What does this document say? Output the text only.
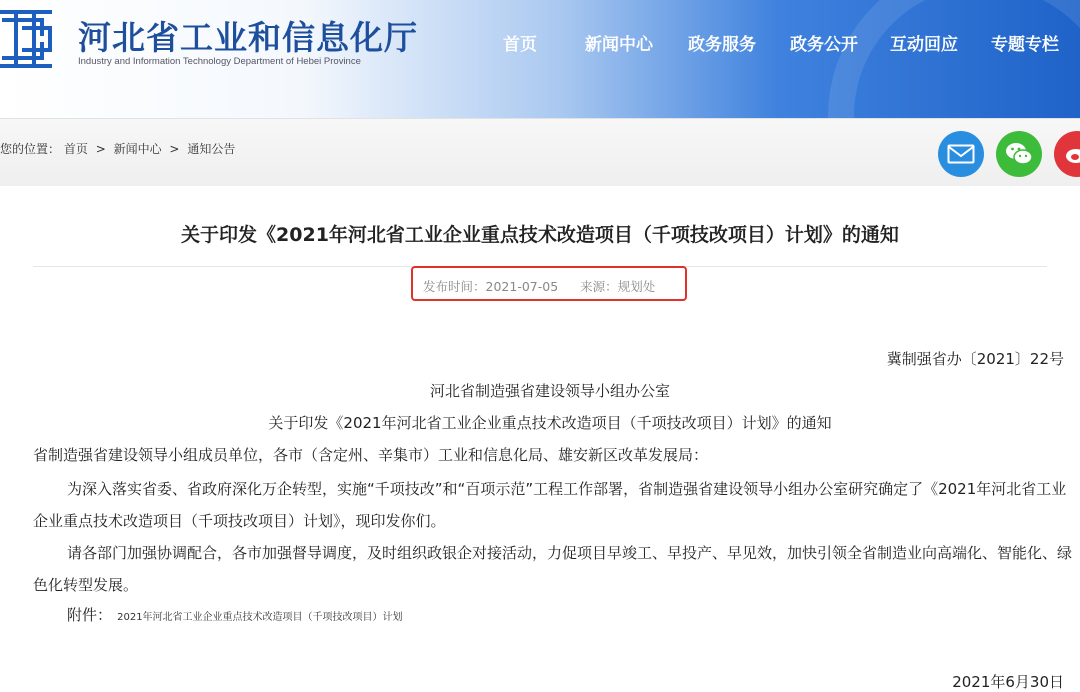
河北省工业和信息化厅
Industry and Information Technology Department of Hebei Province
首页	新闻中心 政务服务 政务公开 互动回应 专题专栏
您的位置： 首页 > 新闻中心 > 通知公告
关于印发《2021年河北省工业企业重点技术改造项目（千项技改项目）计划》的通知
发布时间：2021-07-05 来源：规划处
冀制强省办〔2021〕22号
河北省制造强省建设领导小组办公室
关于印发《2021年河北省工业企业重点技术改造项目（千项技改项目）计划》的通知
省制造强省建设领导小组成员单位，各市（含定州、辛集市）工业和信息化局、雄安新区改革发展局：
为深入落实省委、省政府深化万企转型，实施“千项技改”和“百项示范”工程工作部署，省制造强省建设领导小组办公室研究确定了《2021年河北省工业企业重点技术改造项目（千项技改项目）计划》，现印发你们。
请各部门加强协调配合，各市加强督导调度，及时组织政银企对接活动，力促项目早竣工、早投产、早见效，加快引领全省制造业向高端化、智能化、绿色化转型发展。
附件： 2021年河北省工业企业重点技术改造项目（千项技改项目）计划
2021年6月30日
